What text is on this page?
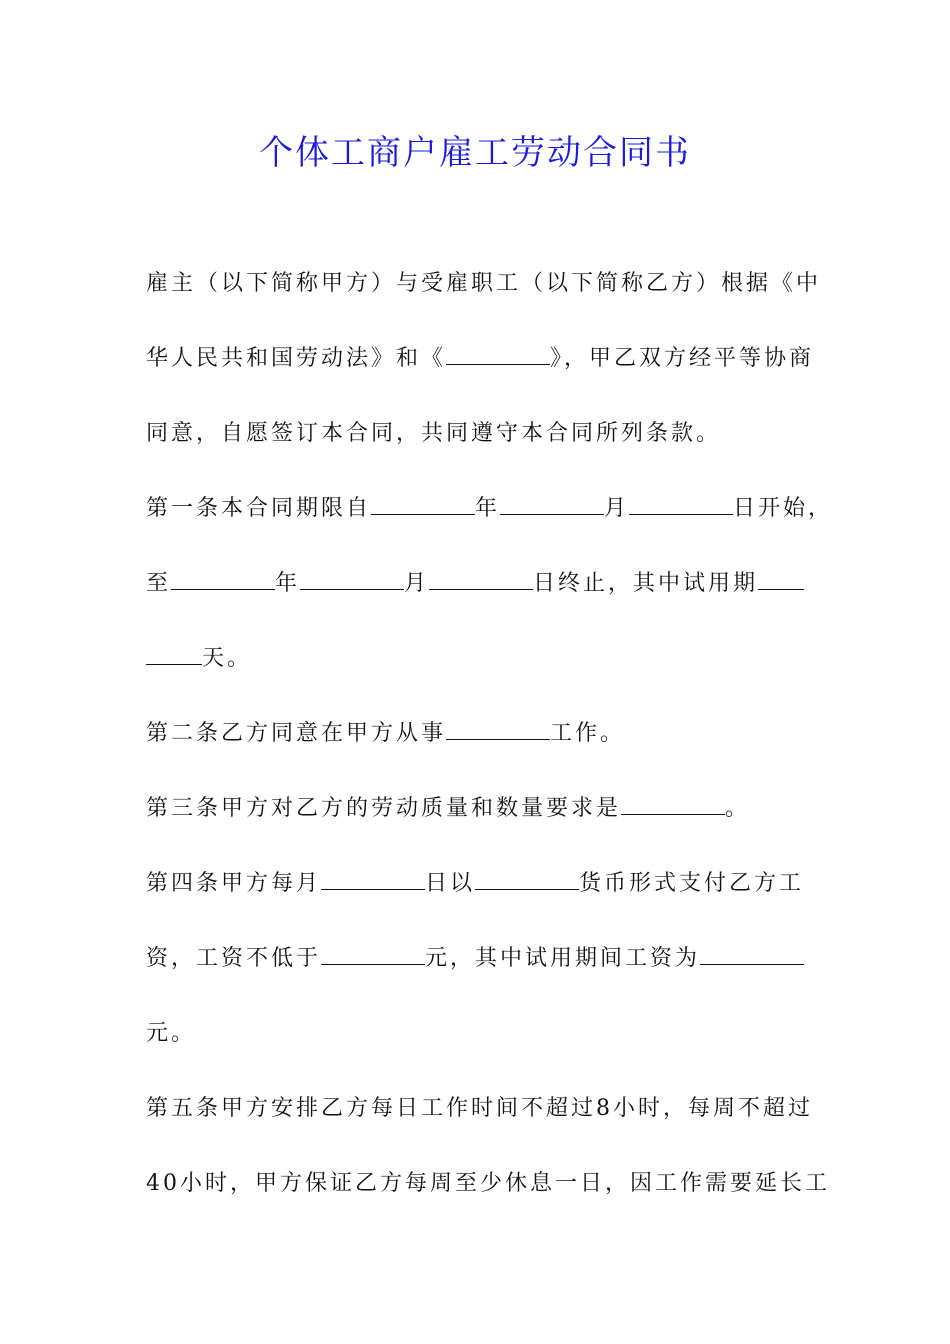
个体工商户雇工劳动合同书
雇主（以下简称甲方）与受雇职工（以下简称乙方）根据《中
华人民共和国劳动法》和《	》，甲乙双方经平等协商
同意，自愿签订本合同，共同遵守本合同所列条款。
第一条本合同期限自	年	月	日开始，
至	年	月	日终止，其中试用期
天。
第二条乙方同意在甲方从事	工作。
第三条甲方对乙方的劳动质量和数量要求是	。
第四条甲方每月	日以	货币形式支付乙方工
资，工资不低于	元，其中试用期间工资为
元。
第五条甲方安排乙方每日工作时间不超过8小时，每周不超过
40小时，甲方保证乙方每周至少休息一日，因工作需要延长工
